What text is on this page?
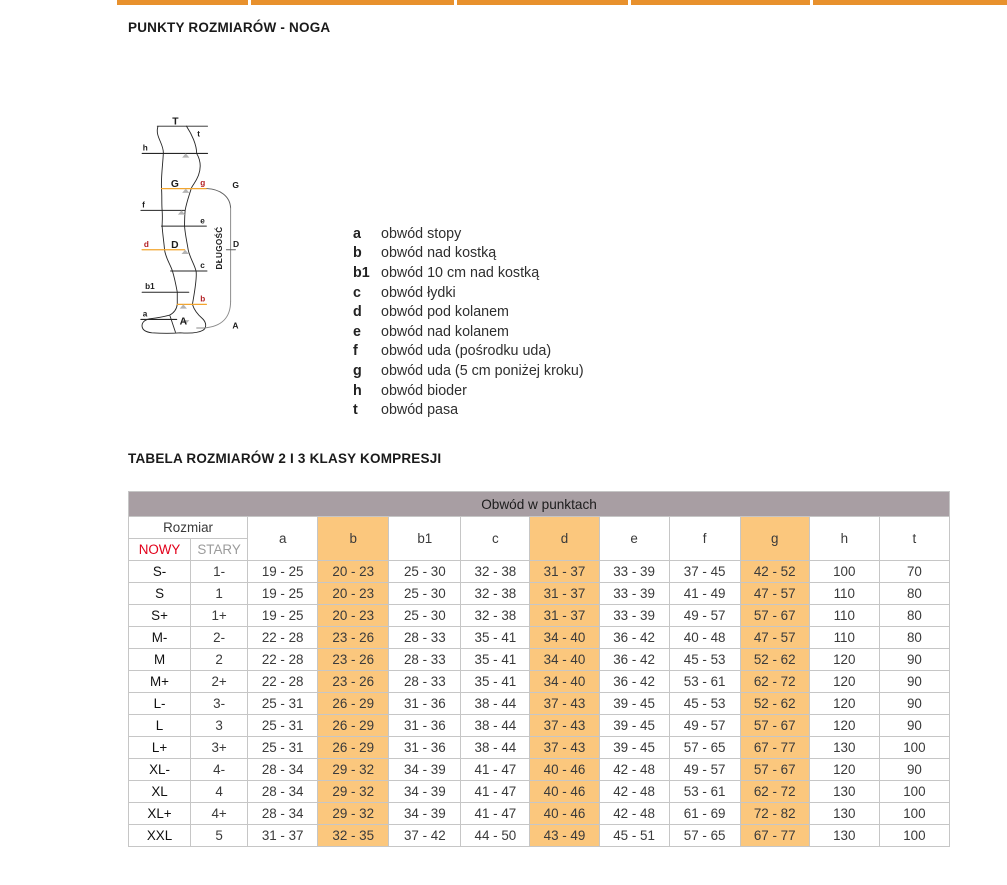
PUNKTY ROZMIARÓW - NOGA
T
t
h
G g
f
e
D
d
c
b1
b
a
A
G
D
A
DŁUGOŚĆ	a	obwód stopy
b	obwód nad kostką
b1 obwód 10 cm nad kostką
c	obwód łydki
d	obwód pod kolanem
e	obwód nad kolanem
f	obwód uda (pośrodku uda)
g	obwód uda (5 cm poniżej kroku)
h	obwód bioder
t	obwód pasa
TABELA ROZMIARÓW 2 I 3 KLASY KOMPRESJI
Obwód w punktach											
Rozmiar		a	b	b1	c	d	e	f	g	h	t
NOWY	STARY										
S-	1-	19 - 25	20 - 23	25 - 30	32 - 38	31 - 37	33 - 39	37 - 45	42 - 52	100	70
S	1	19 - 25	20 - 23	25 - 30	32 - 38	31 - 37	33 - 39	41 - 49	47 - 57	110	80
S+	1+	19 - 25	20 - 23	25 - 30	32 - 38	31 - 37	33 - 39	49 - 57	57 - 67	110	80
M-	2-	22 - 28	23 - 26	28 - 33	35 - 41	34 - 40	36 - 42	40 - 48	47 - 57	110	80
M	2	22 - 28	23 - 26	28 - 33	35 - 41	34 - 40	36 - 42	45 - 53	52 - 62	120	90
M+	2+	22 - 28	23 - 26	28 - 33	35 - 41	34 - 40	36 - 42	53 - 61	62 - 72	120	90
L-	3-	25 - 31	26 - 29	31 - 36	38 - 44	37 - 43	39 - 45	45 - 53	52 - 62	120	90
L	3	25 - 31	26 - 29	31 - 36	38 - 44	37 - 43	39 - 45	49 - 57	57 - 67	120	90
L+	3+	25 - 31	26 - 29	31 - 36	38 - 44	37 - 43	39 - 45	57 - 65	67 - 77	130	100
XL-	4-	28 - 34	29 - 32	34 - 39	41 - 47	40 - 46	42 - 48	49 - 57	57 - 67	120	90
XL	4	28 - 34	29 - 32	34 - 39	41 - 47	40 - 46	42 - 48	53 - 61	62 - 72	130	100
XL+	4+	28 - 34	29 - 32	34 - 39	41 - 47	40 - 46	42 - 48	61 - 69	72 - 82	130	100
XXL	5	31 - 37	32 - 35	37 - 42	44 - 50	43 - 49	45 - 51	57 - 65	67 - 77	130	100
